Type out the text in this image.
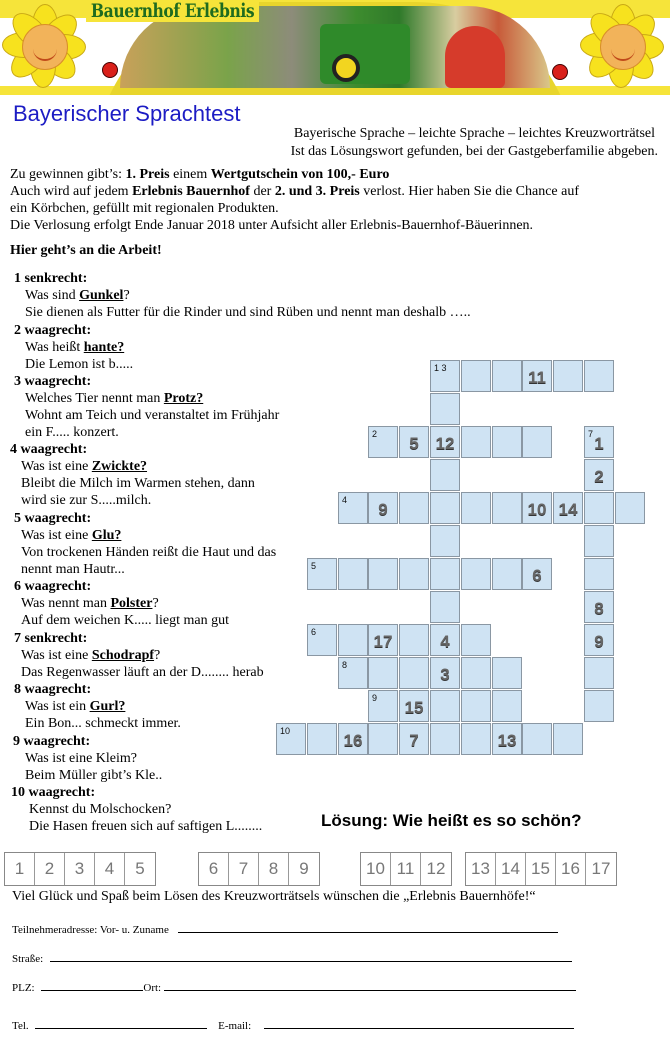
Bauernhof Erlebnis
Bayerischer Sprachtest
Bayerische Sprache – leichte Sprache – leichtes Kreuzworträtsel
Ist das Lösungswort gefunden, bei der Gastgeberfamilie abgeben.

Zu gewinnen gibt’s: 1. Preis einem Wertgutschein von 100,- Euro

Auch wird auf jedem Erlebnis Bauernhof der 2. und 3. Preis verlost. Hier haben Sie die Chance auf

ein Körbchen, gefüllt mit regionalen Produkten.

Die Verlosung erfolgt Ende Januar 2018 unter Aufsicht aller Erlebnis-Bauernhof-Bäuerinnen.

Hier geht’s an die Arbeit!
1 senkrecht:
Was sind Gunkel?
Sie dienen als Futter für die Rinder und sind Rüben und nennt man deshalb …..
2 waagrecht:
Was heißt hante?
Die Lemon ist b.....
3 waagrecht:
Welches Tier nennt man Protz?
Wohnt am Teich und veranstaltet im Frühjahr
ein F..... konzert.
4 waagrecht:
Was ist eine Zwickte?
Bleibt die Milch im Warmen stehen, dann
wird sie zur S.....milch.
5 waagrecht:
Was ist eine Glu?
Von trockenen Händen reißt die Haut und das
nennt man Hautr...
6 waagrecht:
Was nennt man Polster?
Auf dem weichen K..... liegt man gut
7 senkrecht:
Was ist eine Schodrapf?
Das Regenwasser läuft an der D........ herab
8 waagrecht:
Was ist ein Gurl?
Ein Bon... schmeckt immer.
9 waagrecht:
Was ist eine Kleim?
Beim Müller gibt’s Kle..
10 waagrecht:
Kennst du Molschocken?
Die Hasen freuen sich auf saftigen L........
1 3	11
2	5 12	7 1
2
4	9	10 14
5	6
8
6	17	4	9
8	3
9 15
10	16	7	13
Lösung: Wie heißt es so schön?
1	2	3	4	5	6	7	8	9	10 11 12	13 14 15 16 17
Viel Glück und Spaß beim Lösen des Kreuzworträtsels wünschen die „Erlebnis Bauernhöfe!“
Teilnehmeradresse: Vor- u. Zuname
Straße:
PLZ:	Ort:
Tel.	E-mail:
